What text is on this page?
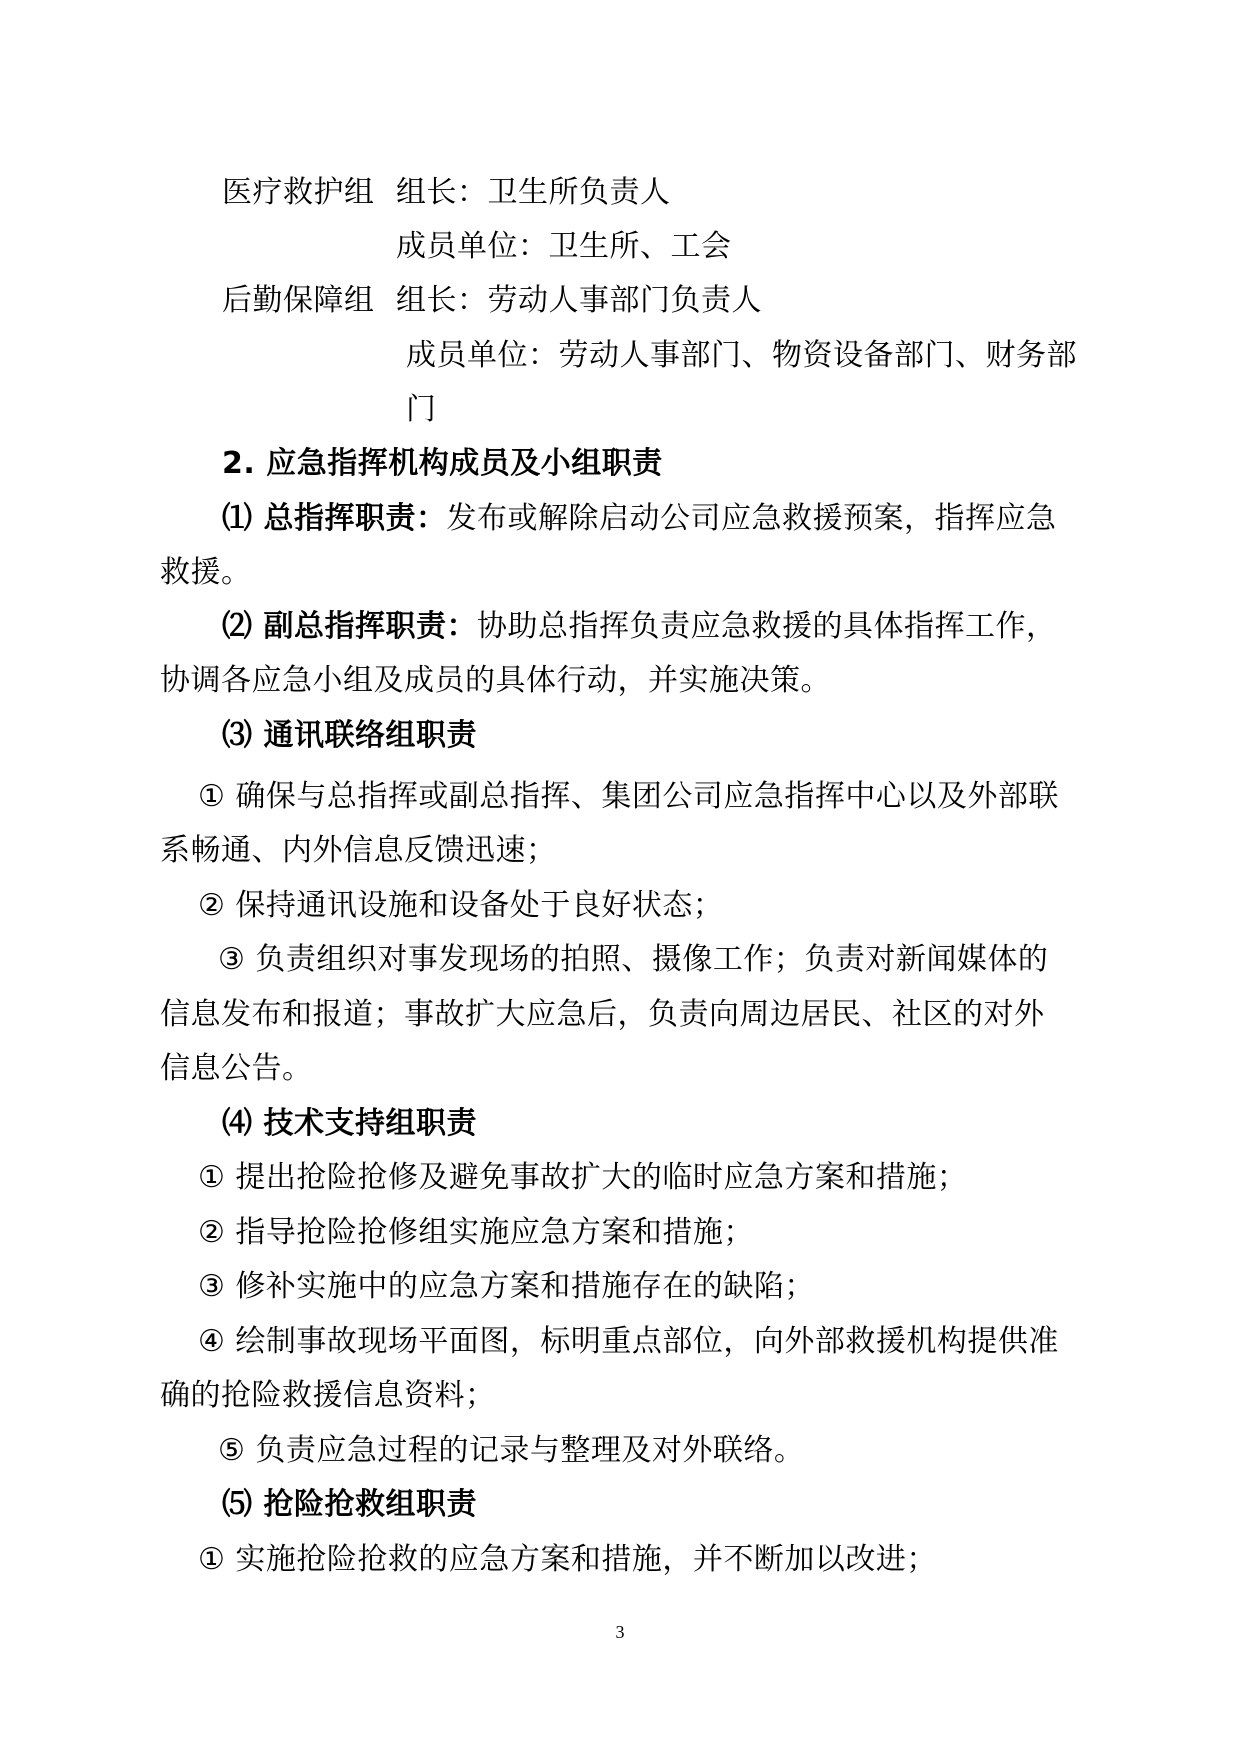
医疗救护组 组长：卫生所负责人
成员单位：卫生所、工会
后勤保障组 组长：劳动人事部门负责人
成员单位：劳动人事部门、物资设备部门、财务部
门
2. 应急指挥机构成员及小组职责
⑴ 总指挥职责：发布或解除启动公司应急救援预案，指挥应急
救援。
⑵ 副总指挥职责：协助总指挥负责应急救援的具体指挥工作，
协调各应急小组及成员的具体行动，并实施决策。
⑶ 通讯联络组职责
① 确保与总指挥或副总指挥、集团公司应急指挥中心以及外部联
系畅通、内外信息反馈迅速；
② 保持通讯设施和设备处于良好状态；
③ 负责组织对事发现场的拍照、摄像工作；负责对新闻媒体的
信息发布和报道；事故扩大应急后，负责向周边居民、社区的对外
信息公告。
⑷ 技术支持组职责
① 提出抢险抢修及避免事故扩大的临时应急方案和措施；
② 指导抢险抢修组实施应急方案和措施；
③ 修补实施中的应急方案和措施存在的缺陷；
④ 绘制事故现场平面图，标明重点部位，向外部救援机构提供准
确的抢险救援信息资料；
⑤ 负责应急过程的记录与整理及对外联络。
⑸ 抢险抢救组职责
① 实施抢险抢救的应急方案和措施，并不断加以改进；
3
